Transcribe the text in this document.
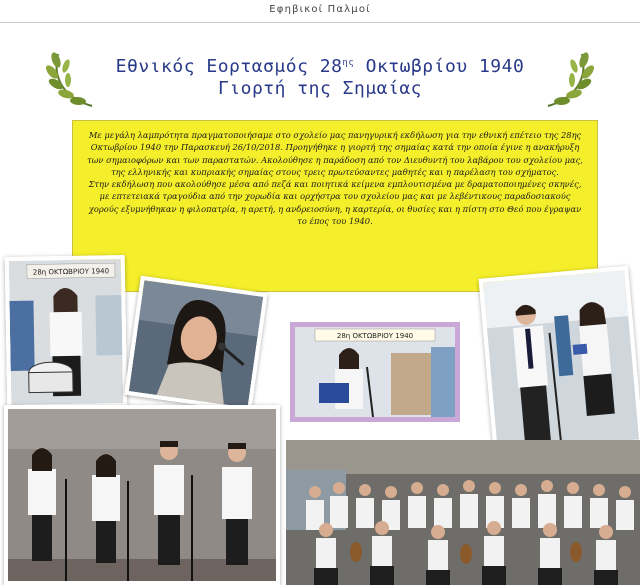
Εφηβικοί Παλμοί
Εθνικός Εορτασμός $28^{\eta\varsigma}$ Οκτωβρίου 1940
Γιορτή της Σημαίας

Με μεγάλη λαμπρότητα πραγματοποιήσαμε στο σχολείο μας πανηγυρική εκδήλωση για την εθνική επέτειο της 28ης Οκτωβρίου 1940 την Παρασκευή 26/10/2018. Προηγήθηκε η γιορτή της σημαίας κατά την οποία έγινε η ανακήρυξη των σημαιοφόρων και των παραστατών. Ακολούθησε η παράδοση από τον Διευθυντή του λαβάρου του σχολείου μας, της ελληνικής και κυπριακής σημαίας στους τρεις πρωτεύσαντες μαθητές και η παρέλαση του σχήματος.

Στην εκδήλωση που ακολούθησε μέσα από πεζά και ποιητικά κείμενα εμπλουτισμένα με δραματοποιημένες σκηνές, με επτετειακά τραγούδια από την χορωδία και ορχήστρα του σχολείου μας και με λεβέντικους παραδοσιακούς χορούς εξυμνήθηκαν η φιλοπατρία, η αρετή, η ανδρειοσύνη, η καρτερία, οι θυσίες και η πίστη στο Θεό που έγραψαν το έπος του 1940.

28η ΟΚΤΩΒΡΙΟΥ 1940
28η ΟΚΤΩΒΡΙΟΥ 1940
